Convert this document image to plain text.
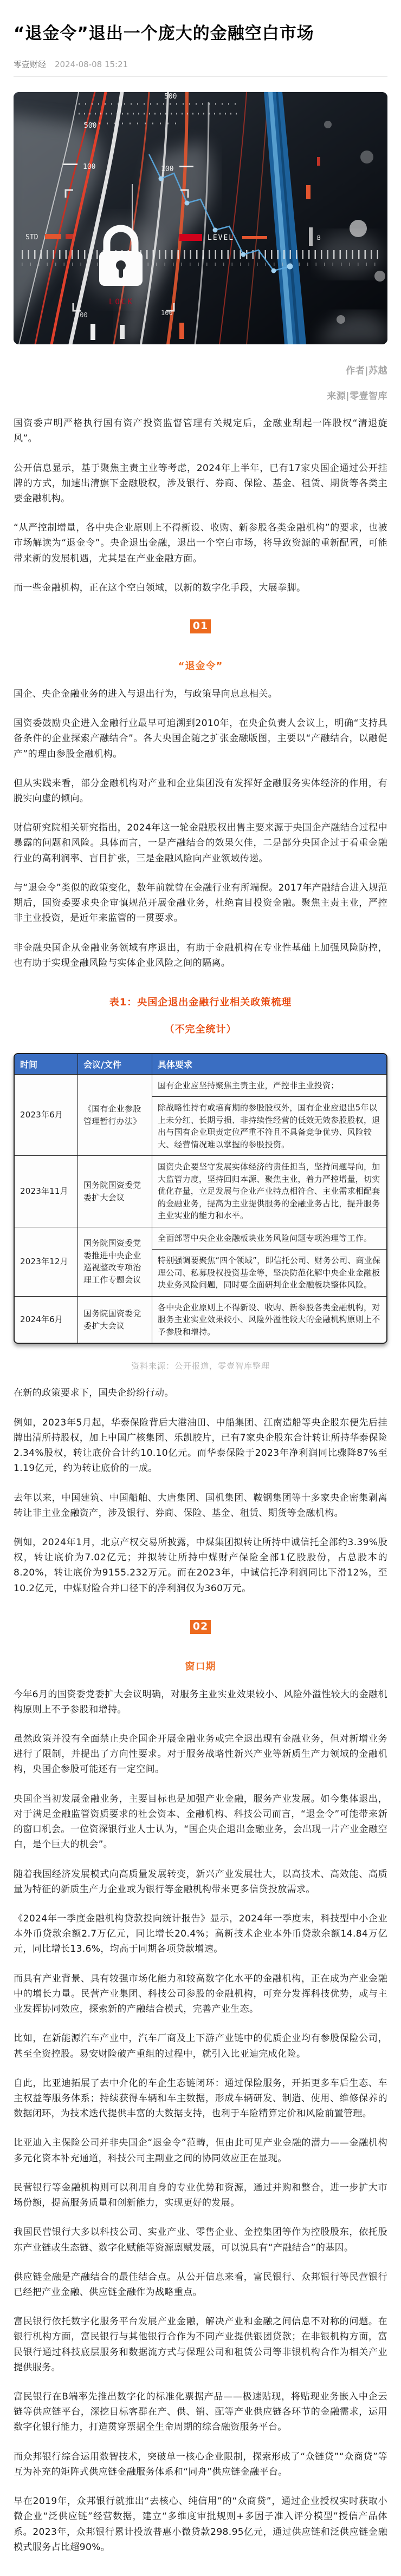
“退金令”退出一个庞大的金融空白市场
零壹财经 2024-08-08 15:21
500
500
100	100
STD
100	100
LEVEL	B
LOCK
作者|苏越
来源|零壹智库

国资委声明严格执行国有资产投资监督管理有关规定后，金融业刮起一阵股权“清退旋风”。

公开信息显示，基于聚焦主责主业等考虑，2024年上半年，已有17家央国企通过公开挂牌的方式，加速出清旗下金融股权，涉及银行、券商、保险、基金、租赁、期货等各类主要金融机构。

“从严控制增量，各中央企业原则上不得新设、收购、新参股各类金融机构”的要求，也被市场解读为“退金令”。央企退出金融，退出一个空白市场，将导致资源的重新配置，可能带来新的发展机遇，尤其是在产业金融方面。

而一些金融机构，正在这个空白领域，以新的数字化手段，大展拳脚。

01
“退金令”

国企、央企金融业务的进入与退出行为，与政策导向息息相关。

国资委鼓励央企进入金融行业最早可追溯到2010年，在央企负责人会议上，明确“支持具备条件的企业探索产融结合”。各大央国企随之扩张金融版图，主要以“产融结合，以融促产”的理由参股金融机构。

但从实践来看，部分金融机构对产业和企业集团没有发挥好金融服务实体经济的作用，有脱实向虚的倾向。

财信研究院相关研究指出，2024年这一轮金融股权出售主要来源于央国企产融结合过程中暴露的问题和风险。具体而言，一是产融结合的效果欠佳，二是部分央国企过于看重金融行业的高利润率、盲目扩张，三是金融风险向产业领域传递。

与“退金令”类似的政策变化，数年前就曾在金融行业有所端倪。2017年产融结合进入规范期后，国资委要求央企审慎规范开展金融业务，杜绝盲目投资金融。聚焦主责主业，严控非主业投资，是近年来监管的一贯要求。

非金融央国企从金融业务领域有序退出，有助于金融机构在专业性基础上加强风险防控，也有助于实现金融风险与实体企业风险之间的隔离。

表1：央国企退出金融行业相关政策梳理
（不完全统计）
时间	会议/文件	具体要求
2023年6月	《国有企业参股管理暂行办法》	国有企业应坚持聚焦主责主业，严控非主业投资；
		除战略性持有或培育期的参股股权外，国有企业应退出5年以上未分红、长期亏损、非持续性经营的低效无效参股股权，退出与国有企业职责定位严重不符且不具备竞争优势、风险较大、经营情况难以掌握的参股投资。
2023年11月	国务院国资委党委扩大会议	国资央企要坚守发展实体经济的责任担当，坚持问题导向，加大监管力度，坚持回归本源、聚焦主业，着力严控增量，切实优化存量，立足发展与企业产业特点相符合、主业需求相配套的金融业务，提高为主业提供服务的金融业务占比，提升服务主业实业的能力和水平。
2023年12月	国务院国资委党委推进中央企业巡视整改专项治理工作专题会议	全面部署中央企业金融板块业务风险问题专项治理等工作。
		特别强调要聚焦“四个领域”，即信托公司、财务公司、商业保理公司、私募股权投资基金等，坚决防范化解中央企业金融板块业务风险问题，同时要全面研判企业金融板块整体风险。
2024年6月	国务院国资委党委扩大会议	各中央企业原则上不得新设、收购、新参股各类金融机构，对服务主业实业效果较小、风险外溢性较大的金融机构原则上不予参股和增持。
资料来源：公开报道，零壹智库整理

在新的政策要求下，国央企纷纷行动。

例如，2023年5月起，华泰保险背后大港油田、中船集团、江南造船等央企股东便先后挂牌出清所持股权，加上中国广核集团、乐凯胶片，已有7家央企股东合计转让所持华泰保险2.34%股权，转让底价合计约10.10亿元。而华泰保险于2023年净利润同比骤降87%至1.19亿元，约为转让底价的一成。

去年以来，中国建筑、中国船舶、大唐集团、国机集团、鞍钢集团等十多家央企密集剥离转让非主业金融资产，涉及银行、券商、保险、基金、租赁、期货等金融机构。

例如，2024年1月，北京产权交易所披露，中煤集团拟转让所持中诚信托全部约3.39%股权，转让底价为7.02亿元；并拟转让所持中煤财产保险全部1亿股股份，占总股本的8.20%，转让底价为9155.232万元。而在2023年，中诚信托净利润同比下滑12%，至10.2亿元，中煤财险合并口径下的净利润仅为360万元。

02
窗口期

今年6月的国资委党委扩大会议明确，对服务主业实业效果较小、风险外溢性较大的金融机构原则上不予参股和增持。

虽然政策并没有全面禁止央企国企开展金融业务或完全退出现有金融业务，但对新增业务进行了限制，并提出了方向性要求。对于服务战略性新兴产业等新质生产力领域的金融机构，央国企参股可能还有一定空间。

央国企当初发展金融业务，主要目标也是加强产业金融，服务产业发展。如今集体退出，对于满足金融监管资质要求的社会资本、金融机构、科技公司而言，“退金令”可能带来新的窗口机会。一位资深银行业人士认为，“国企央企退出金融业务，会出现一片产业金融空白，是个巨大的机会”。

随着我国经济发展模式向高质量发展转变，新兴产业发展壮大，以高技术、高效能、高质量为特征的新质生产力企业或为银行等金融机构带来更多信贷投放需求。

《2024年一季度金融机构贷款投向统计报告》显示，2024年一季度末，科技型中小企业本外币贷款余额2.7万亿元，同比增长20.4%；高新技术企业本外币贷款余额14.84万亿元，同比增长13.6%，均高于同期各项贷款增速。

而具有产业背景、具有较强市场化能力和较高数字化水平的金融机构，正在成为产业金融中的增长力量。民营产业集团、科技公司参股的金融机构，可充分发挥科技优势，或与主业发挥协同效应，探索新的产融结合模式，完善产业生态。

比如，在新能源汽车产业中，汽车厂商及上下游产业链中的优质企业均有参股保险公司，甚至全资控股。易安财险破产重组的过程中，就引入比亚迪完成化险。

自此，比亚迪拓展了去中介化的车企生态链闭环：通过保险服务，开拓更多车后生态、车主权益等服务体系；持续获得车辆和车主数据，形成车辆研发、制造、使用、维修保养的数据闭环，为技术迭代提供丰富的大数据支持，也利于车险精算定价和风险前置管理。

比亚迪入主保险公司并非央国企“退金令”范畴，但由此可见产业金融的潜力——金融机构多元化资本补充通道，科技公司主副业之间的协同效应正在显现。

民营银行等金融机构则可以利用自身的专业优势和资源，通过并购和整合，进一步扩大市场份额，提高服务质量和创新能力，实现更好的发展。

我国民营银行大多以科技公司、实业产业、零售企业、金控集团等作为控股股东，依托股东产业链或生态链、数字化赋能等资源禀赋发展，可以说具有“产融结合”的基因。

供应链金融是产融结合的最佳结合点。从公开信息来看，富民银行、众邦银行等民营银行已经把产业金融、供应链金融作为战略重点。

富民银行依托数字化服务平台发展产业金融，解决产业和金融之间信息不对称的问题。在银行机构方面，富民银行与其他银行合作为不同产业提供银团贷款；在非银机构方面，富民银行通过科技底层服务和数据流方式与保理公司和租赁公司等非银机构合作为相关产业提供服务。

富民银行在B端率先推出数字化的标准化票据产品——极速贴现，将贴现业务嵌入中企云链等供应链平台，深挖目标客群在产、供、销、配等产业供应链各环节的金融需求，运用数字化银行能力，打造贯穿票据全生命周期的综合融资服务平台。

而众邦银行综合运用数智技术，突破单一核心企业限制，探索形成了“众链贷”“众商贷”等互为补充的矩阵式供应链金融服务体系和“同舟”供应链金融平台。

早在2019年，众邦银行就推出“去核心、纯信用”的“众商贷”，通过企业授权实时获取小微企业“泛供应链”经营数据，建立“多维度审批规则+多因子准入评分模型”授信产品体系。2023年，众邦银行累计投放普惠小微贷款298.95亿元，通过供应链和泛供应链金融模式服务占比超90%。
